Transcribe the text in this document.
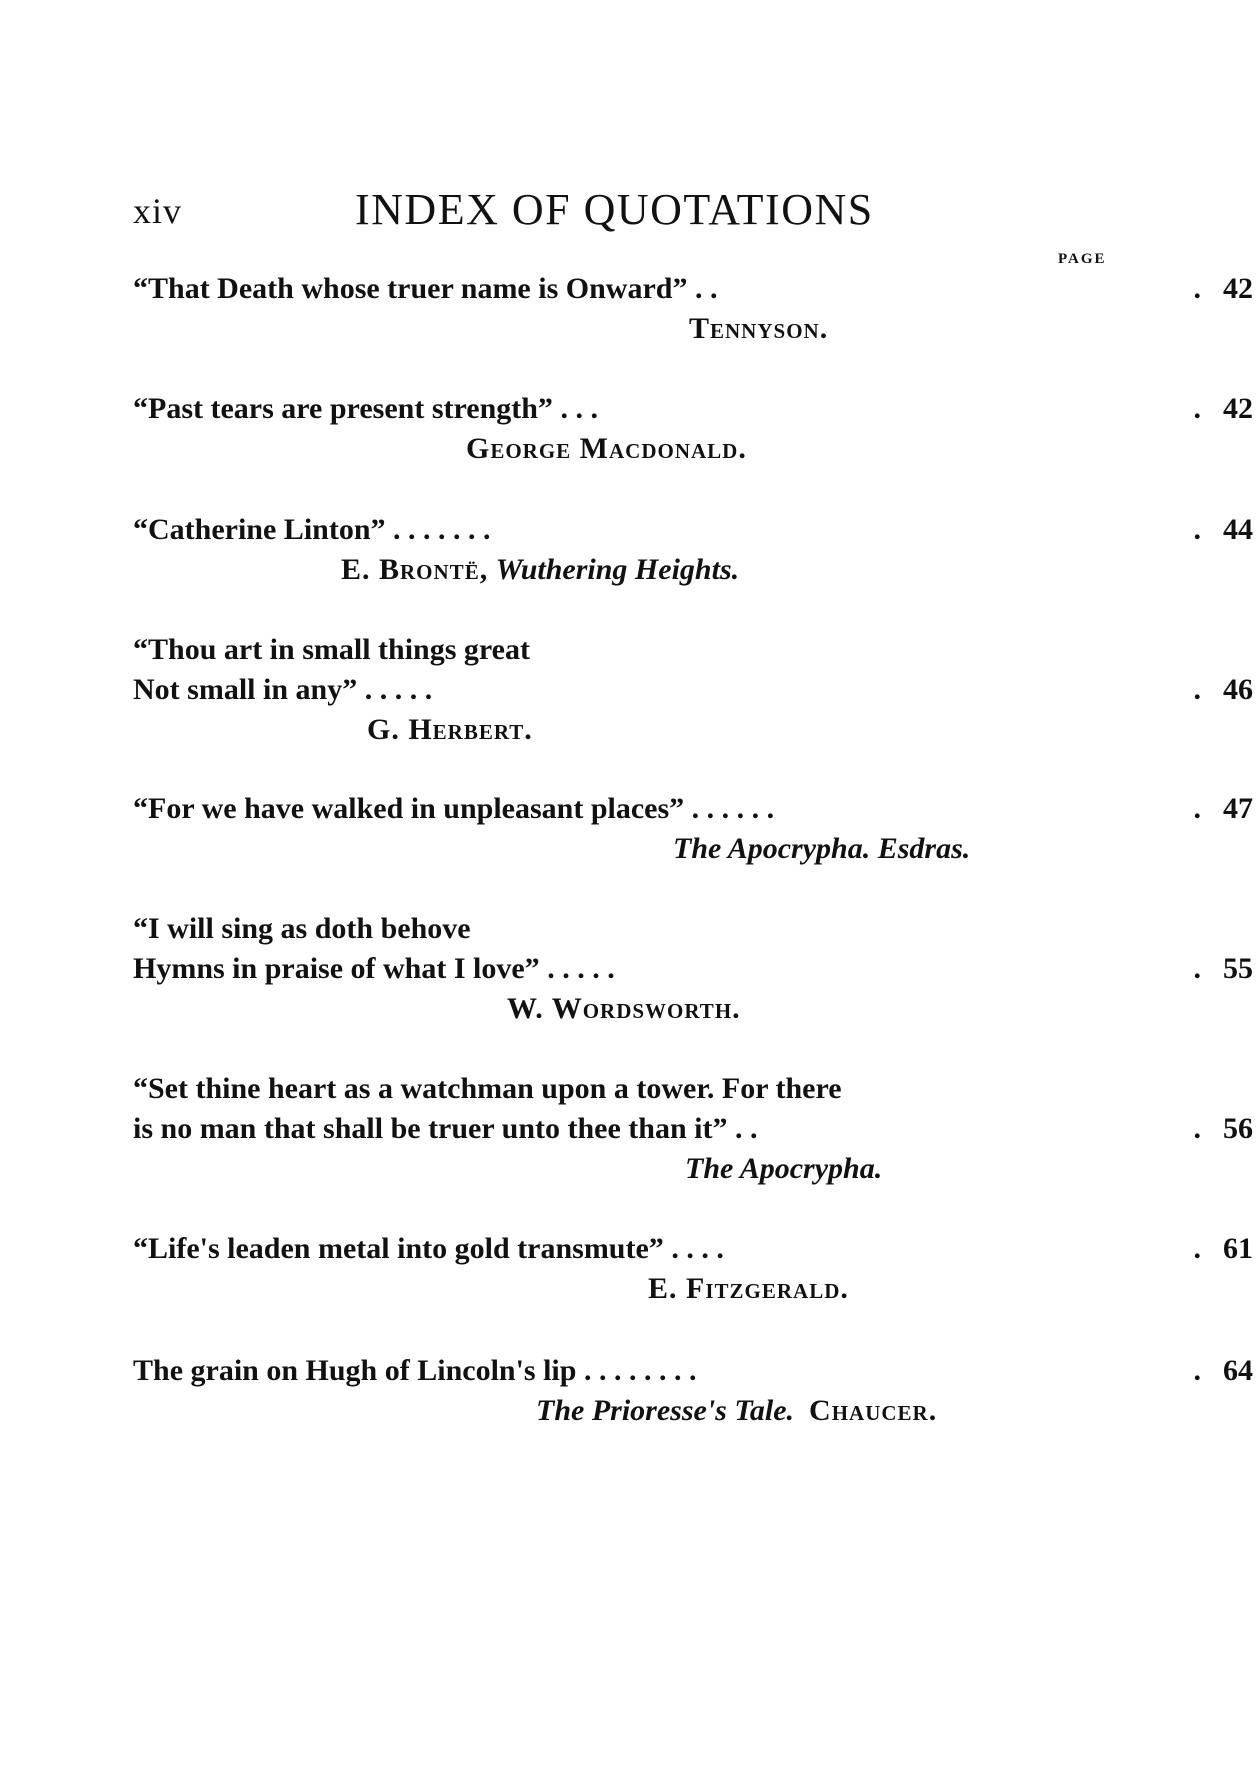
xiv	INDEX OF QUOTATIONS
PAGE
“That Death whose truer name is Onward” . .	. 42
Tennyson.
“Past tears are present strength” . . .	. 42
George Macdonald.
“Catherine Linton” . . . . . . .	. 44
E. Brontë, Wuthering Heights.
“Thou art in small things great
Not small in any” . . . . .	. 46
G. Herbert.
“For we have walked in unpleasant places” . . . . . .	. 47
The Apocrypha. Esdras.
“I will sing as doth behove
Hymns in praise of what I love” . . . . .	. 55
W. Wordsworth.
“Set thine heart as a watchman upon a tower. For there
is no man that shall be truer unto thee than it” . .	. 56
The Apocrypha.
“Life's leaden metal into gold transmute” . . . .	. 61
E. Fitzgerald.
The grain on Hugh of Lincoln's lip . . . . . . . .	. 64
The Prioresse's Tale. Chaucer.
